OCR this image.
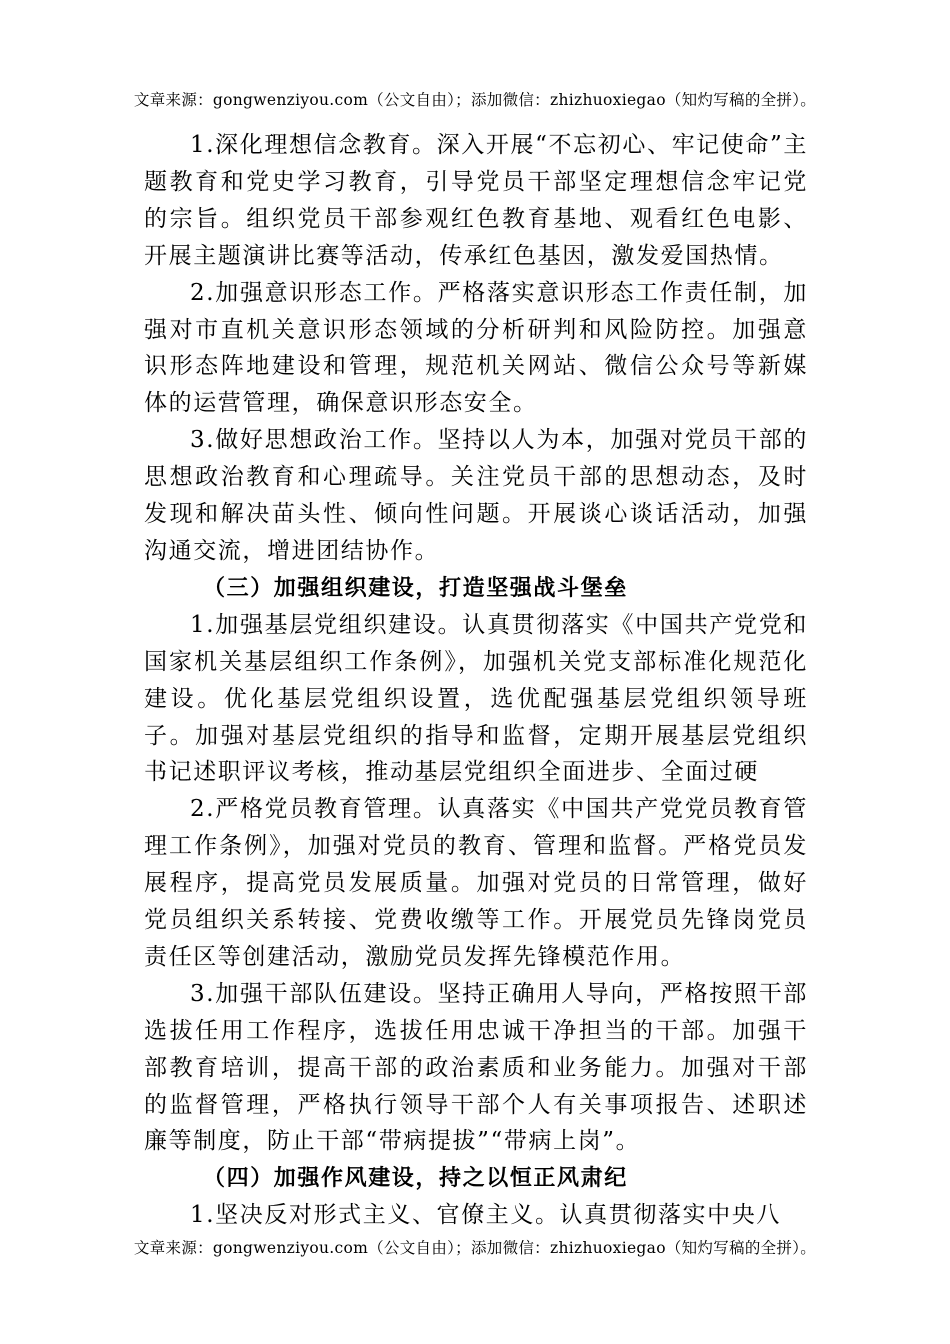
文章来源：gongwenziyou.com（公文自由）；添加微信：zhizhuoxiegao（知灼写稿的全拼）。

1.深化理想信念教育。深入开展“不忘初心、牢记使命”主题教育和党史学习教育，引导党员干部坚定理想信念牢记党的宗旨。组织党员干部参观红色教育基地、观看红色电影、开展主题演讲比赛等活动，传承红色基因，激发爱国热情。

2.加强意识形态工作。严格落实意识形态工作责任制，加强对市直机关意识形态领域的分析研判和风险防控。加强意识形态阵地建设和管理，规范机关网站、微信公众号等新媒体的运营管理，确保意识形态安全。

3.做好思想政治工作。坚持以人为本，加强对党员干部的思想政治教育和心理疏导。关注党员干部的思想动态，及时发现和解决苗头性、倾向性问题。开展谈心谈话活动，加强沟通交流，增进团结协作。

（三）加强组织建设，打造坚强战斗堡垒

1.加强基层党组织建设。认真贯彻落实《中国共产党党和国家机关基层组织工作条例》，加强机关党支部标准化规范化建设。优化基层党组织设置，选优配强基层党组织领导班子。加强对基层党组织的指导和监督，定期开展基层党组织书记述职评议考核，推动基层党组织全面进步、全面过硬

2.严格党员教育管理。认真落实《中国共产党党员教育管理工作条例》，加强对党员的教育、管理和监督。严格党员发展程序，提高党员发展质量。加强对党员的日常管理，做好党员组织关系转接、党费收缴等工作。开展党员先锋岗党员责任区等创建活动，激励党员发挥先锋模范作用。

3.加强干部队伍建设。坚持正确用人导向，严格按照干部选拔任用工作程序，选拔任用忠诚干净担当的干部。加强干部教育培训，提高干部的政治素质和业务能力。加强对干部的监督管理，严格执行领导干部个人有关事项报告、述职述廉等制度，防止干部“带病提拔”“带病上岗”。

（四）加强作风建设，持之以恒正风肃纪

1.坚决反对形式主义、官僚主义。认真贯彻落实中央八

文章来源：gongwenziyou.com（公文自由）；添加微信：zhizhuoxiegao（知灼写稿的全拼）。
